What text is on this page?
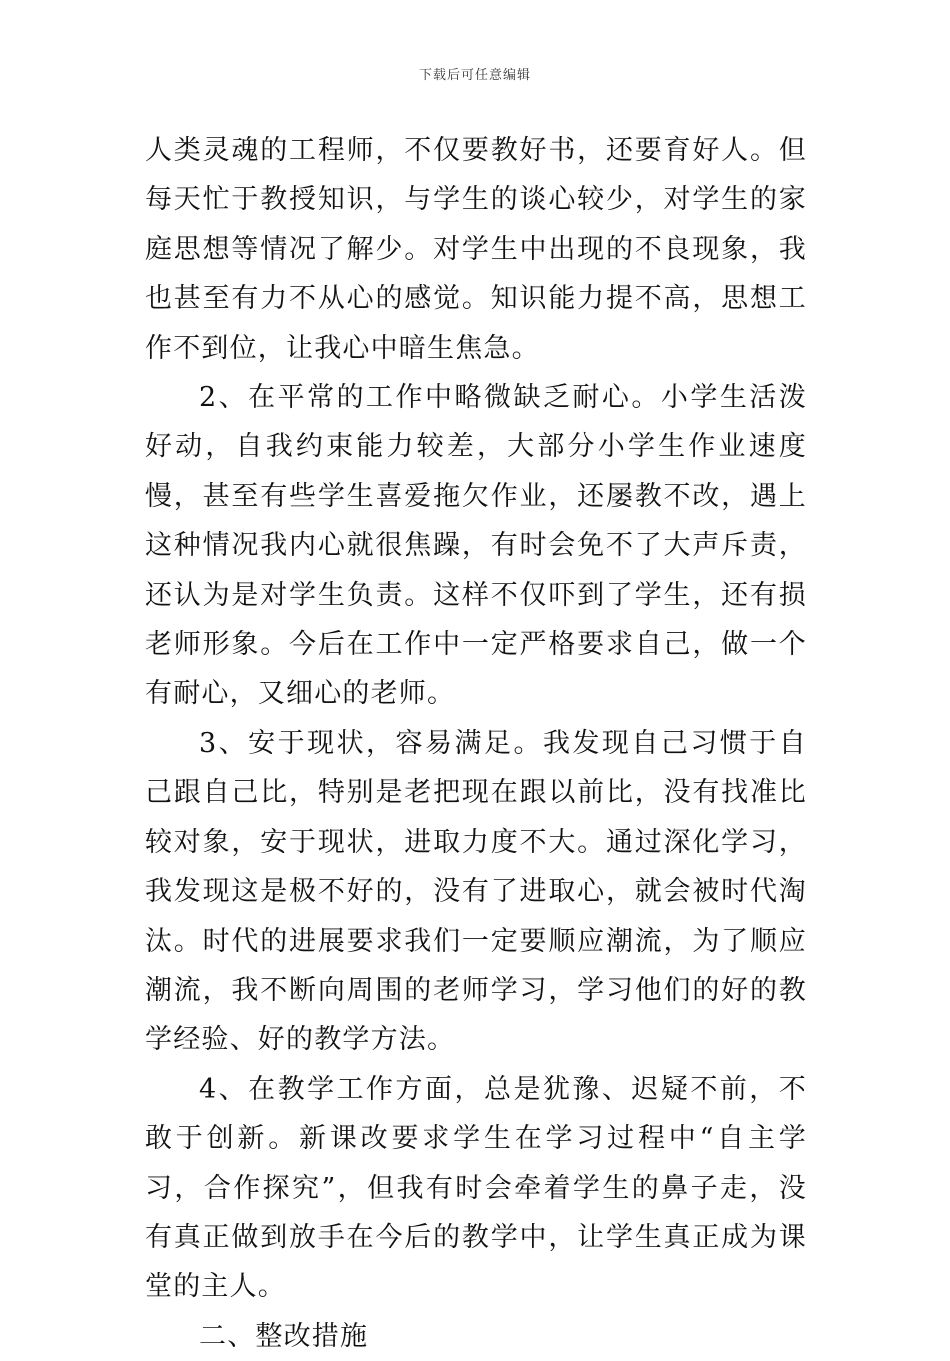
下载后可任意编辑

人类灵魂的工程师，不仅要教好书，还要育好人。但每天忙于教授知识，与学生的谈心较少，对学生的家庭思想等情况了解少。对学生中出现的不良现象，我也甚至有力不从心的感觉。知识能力提不高，思想工作不到位，让我心中暗生焦急。

2、在平常的工作中略微缺乏耐心。小学生活泼好动，自我约束能力较差，大部分小学生作业速度慢，甚至有些学生喜爱拖欠作业，还屡教不改，遇上这种情况我内心就很焦躁，有时会免不了大声斥责，还认为是对学生负责。这样不仅吓到了学生，还有损老师形象。今后在工作中一定严格要求自己，做一个有耐心，又细心的老师。

3、安于现状，容易满足。我发现自己习惯于自己跟自己比，特别是老把现在跟以前比，没有找准比较对象，安于现状，进取力度不大。通过深化学习，我发现这是极不好的，没有了进取心，就会被时代淘汰。时代的进展要求我们一定要顺应潮流，为了顺应潮流，我不断向周围的老师学习，学习他们的好的教学经验、好的教学方法。

4、在教学工作方面，总是犹豫、迟疑不前，不敢于创新。新课改要求学生在学习过程中“自主学习，合作探究”，但我有时会牵着学生的鼻子走，没有真正做到放手在今后的教学中，让学生真正成为课堂的主人。

二、整改措施
